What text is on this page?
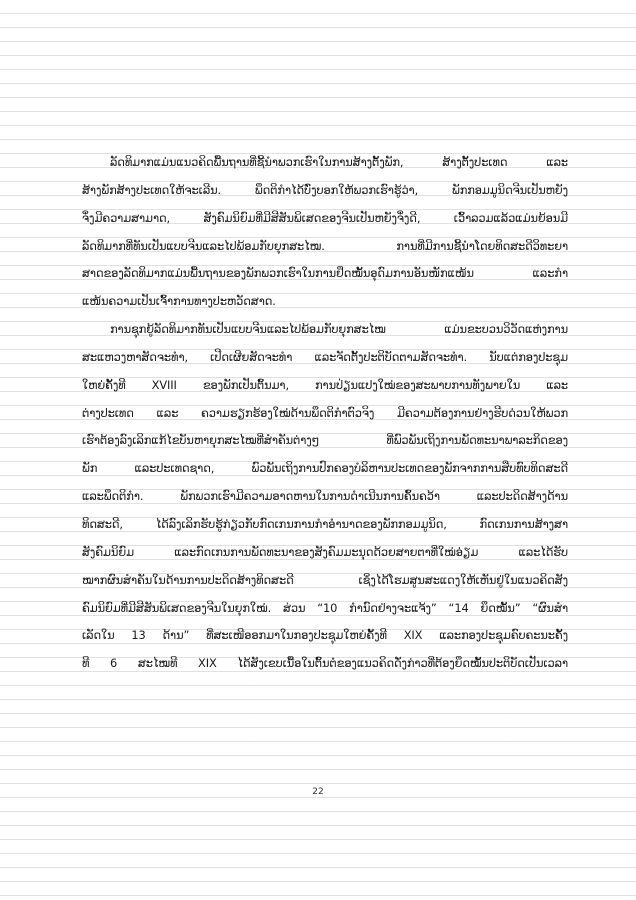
ລັດທິມາກແມ່ນແນວຄິດພື້ນຖານທີ່ຊີ້ນຳພວກເຮົາໃນການສ້າງຕັ້ງພັກ, ສ້າງຕັ້ງປະເທດ ແລະ
ສ້າງພັກສ້າງປະເທດໃຫ້ຈະເລີນ. ພຶດຕິກຳໄດ້ບົ່ງບອກໃຫ້ພວກເຮົາຮູ້ວ່າ, ພັກກອມມູນິດຈີນເປັນຫຍັງ
ຈຶ່ງມີຄວາມສາມາດ, ສັງຄົມນິຍົມທີ່ມີສີສັນພິເສດຂອງຈີນເປັນຫຍັງຈຶ່ງດີ, ເວົ້າລວມແລ້ວແມ່ນຍ້ອນມີ
ລັດທິມາກທີ່ທັນເປັນແບບຈີນແລະໄປພ້ອມກັບຍຸກສະໄໝ. ການທີ່ມີການຊີ້ນຳໂດຍທິດສະດີວິທະຍາ
ສາດຂອງລັດທິມາກແມ່ນພື້ນຖານຂອງພັກພວກເຮົາໃນການຢຶດໝັ້ນອຸດົມການອັນໜັກແໜ້ນ ແລະກຳ
ແໜ້ນຄວາມເປັນເຈົ້າການທາງປະຫວັດສາດ.
ການຊຸກຍູ້ລັດທິມາກທັນເປັນແບບຈີນແລະໄປພ້ອມກັບຍຸກສະໄໝ ແມ່ນຂະບວນວິວັດແຫ່ງການ
ສະແຫວງຫາສັດຈະທຳ, ເປີດເຜີຍສັດຈະທຳ ແລະຈັດຕັ້ງປະຕິບັດຕາມສັດຈະທຳ. ນັບແຕ່ກອງປະຊຸມ
ໃຫຍ່ຄັ້ງທີ XVIII ຂອງພັກເປັນຕົ້ນມາ, ການປ່ຽນແປງໃໝ່ຂອງສະພາບການທັງພາຍໃນ ແລະ
ຕ່າງປະເທດ ແລະ ຄວາມຮຽກຮ້ອງໃໝ່ດ້ານພຶດຕິກຳຕົວຈິງ ມີຄວາມຕ້ອງການຢ່າງຮີບດ່ວນໃຫ້ພວກ
ເຮົາຕ້ອງລົງເລິກແກ້ໄຂບັນຫາຍຸກສະໄໝທີ່ສຳຄັນຕ່າງໆ ທີ່ພົວພັນເຖິງການພັດທະນາພາລະກິດຂອງ
ພັກ ແລະປະເທດຊາດ, ພົວພັນເຖິງການປົກຄອງບໍລິຫານປະເທດຂອງພັກຈາກການສືບທົບທິດສະດີ
ແລະພຶດຕິກຳ. ພັກພວກເຮົາມີຄວາມອາດຫານໃນການດຳເນີນການຄົ້ນຄວ້າ ແລະປະດິດສ້າງດ້ານ
ທິດສະດີ, ໄດ້ລົງເລິກຮັບຮູ້ກ່ຽວກັບກົດເກນການກຳອຳນາດຂອງພັກກອມມູນິດ, ກົດເກນການສ້າງສາ
ສັງຄົມນິຍົມ ແລະກົດເກນການພັດທະນາຂອງສັງຄົມມະນຸດດ້ວຍສາຍຕາທີ່ໃໝ່ອ່ຽມ ແລະໄດ້ຮັບ
ໝາກຜົນສຳຄັນໃນດ້ານການປະດິດສ້າງທິດສະດີ ເຊິ່ງໄດ້ໂຮມສູນສະແດງໃຫ້ເຫັນຢູ່ໃນແນວຄິດສັງ
ຄົມນິຍົມທີ່ມີສີສັນພິເສດຂອງຈີນໃນຍຸກໃໝ່. ສ່ວນ “10 ກຳນົດຢ່າງຈະແຈ້ງ” “14 ຍຶດໝັ້ນ” “ຜົນສຳ
ເລັດໃນ 13 ດ້ານ” ທີ່ສະເໜີອອກມາໃນກອງປະຊຸມໃຫຍ່ຄັ້ງທີ XIX ແລະກອງປະຊຸມຄົບຄະນະຄັ້ງ
ທີ 6 ສະໄໝທີ XIX ໄດ້ສັງເຂບເນື້ອໃນຕົ້ນຕໍຂອງແນວຄິດດັ່ງກ່າວທີ່ຕ້ອງຍຶດໝັ້ນປະຕິບັດເປັນເວລາ
22
